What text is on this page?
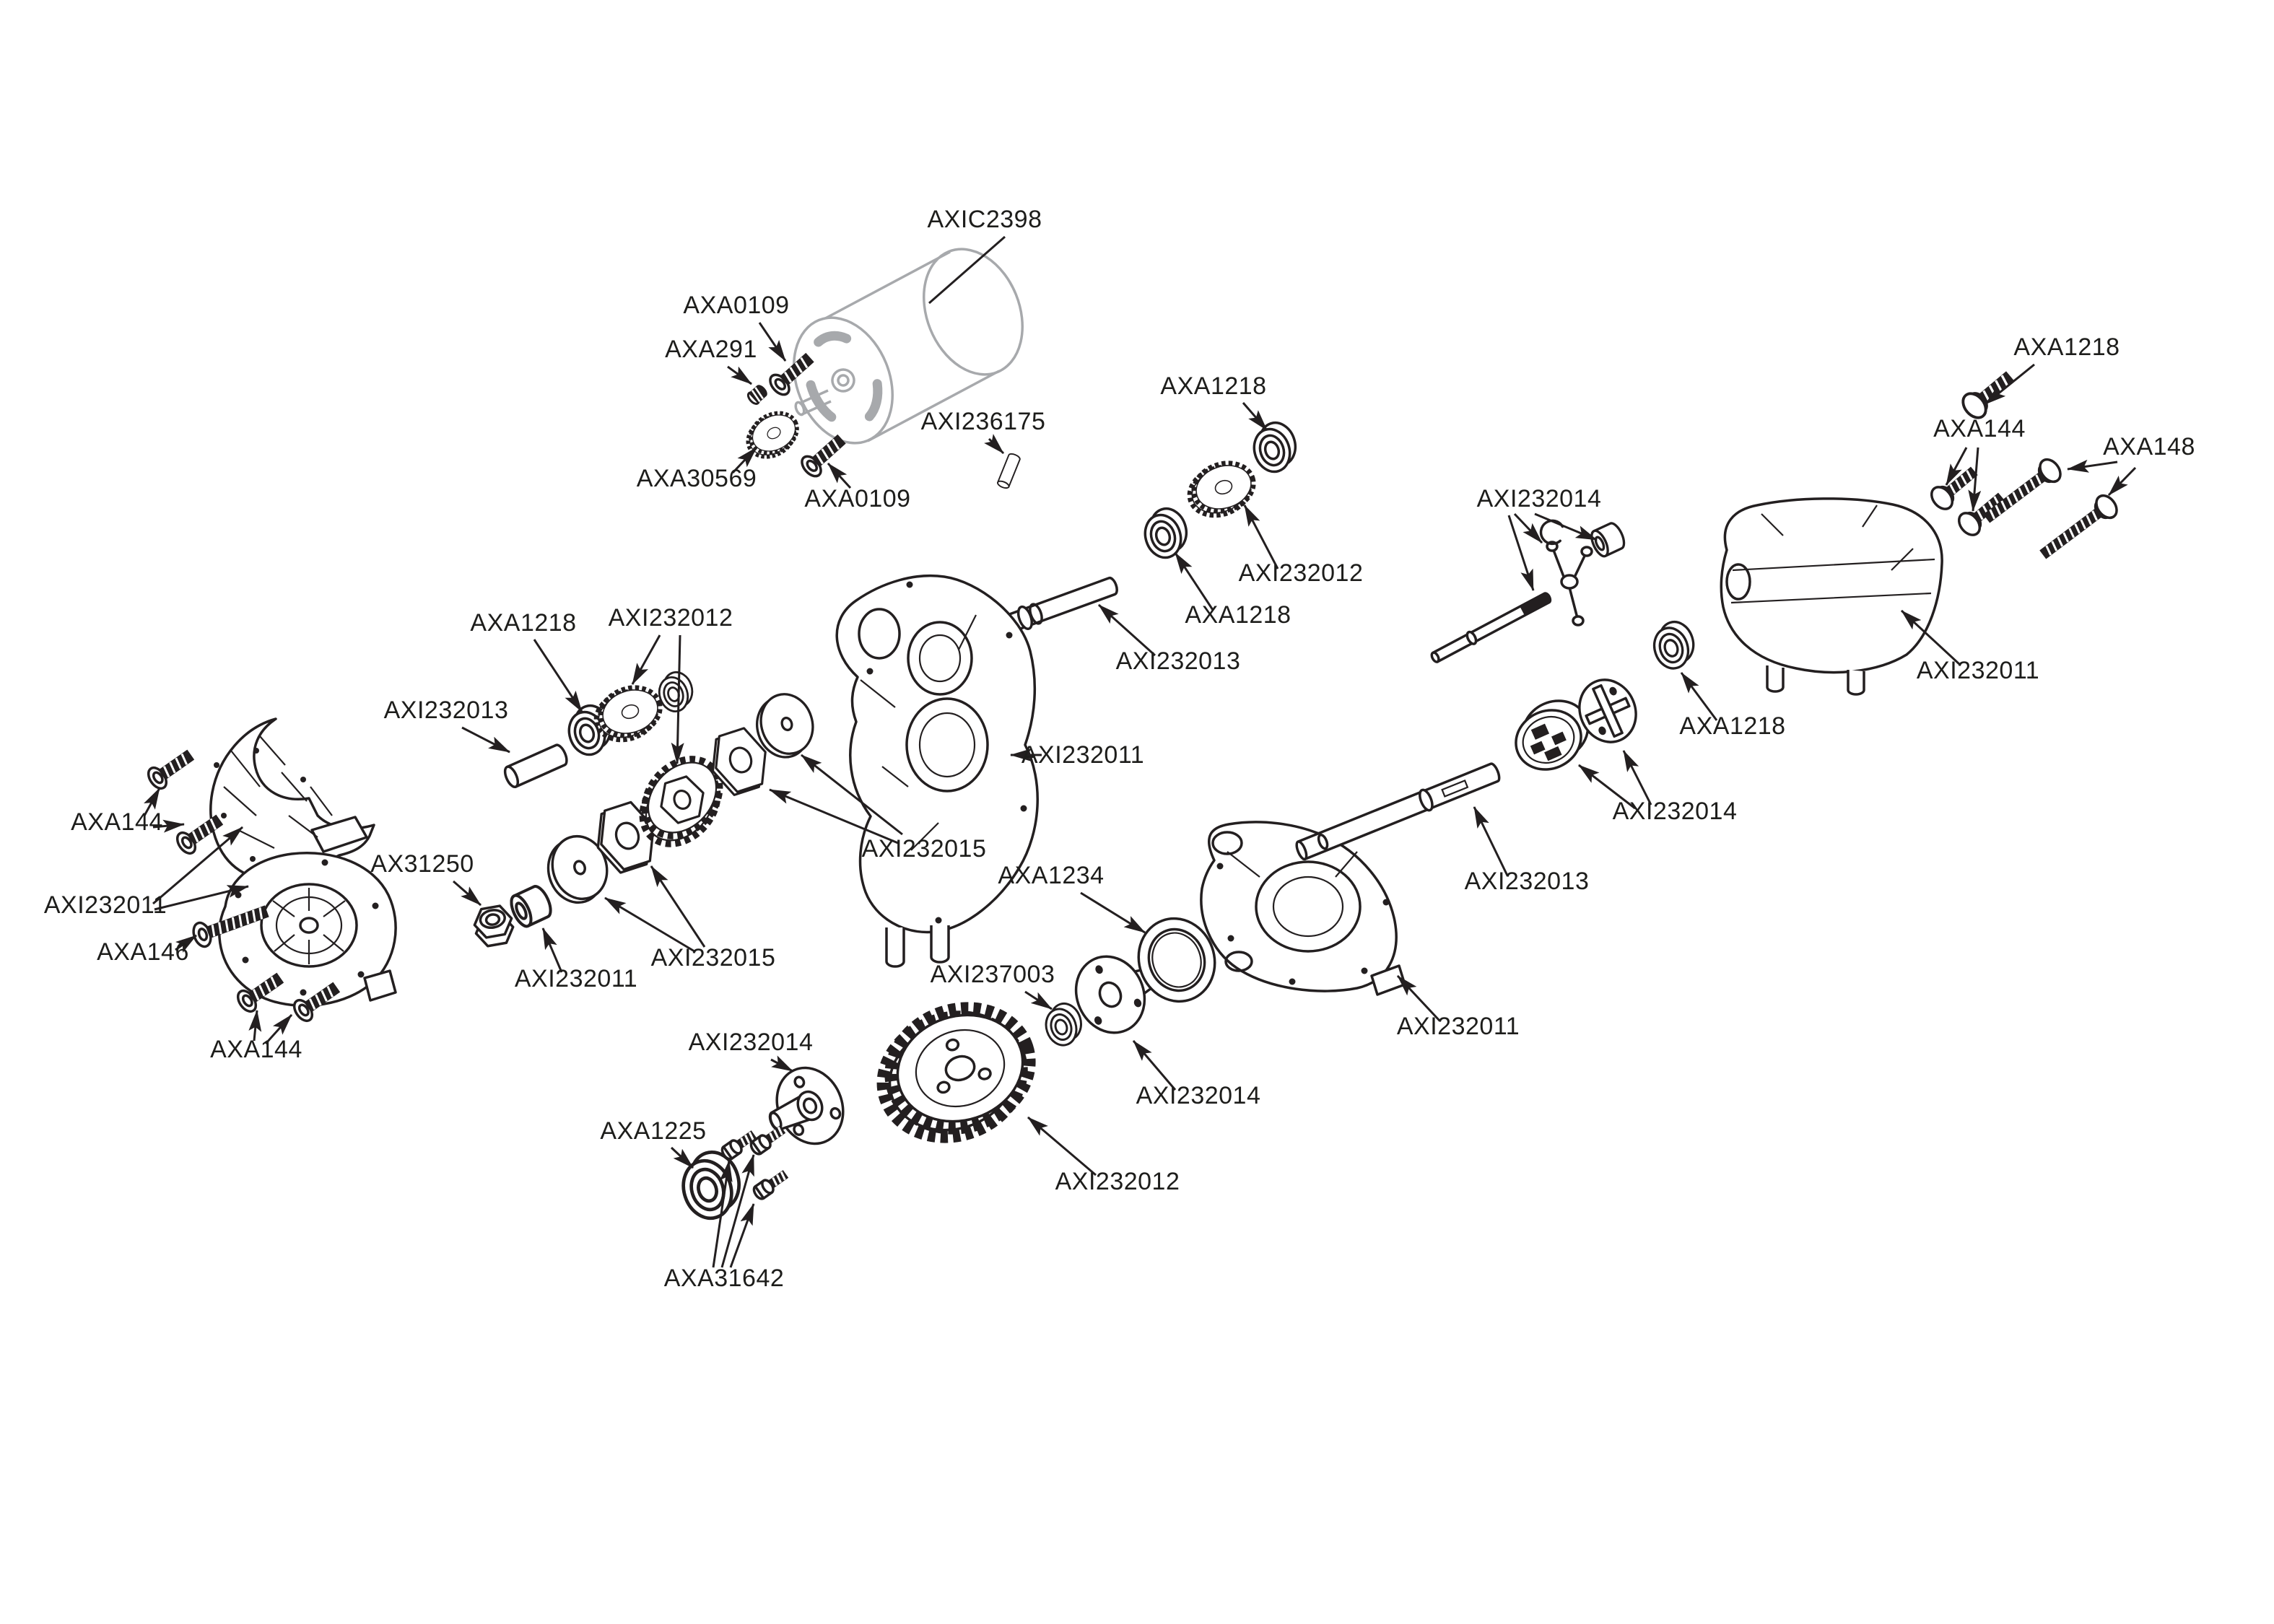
AXIC2398
AXA0109
AXA291
AXA30569
AXA0109
AXI236175
AXA1218
AXI232012
AXA1218
AXI232013
AXI232014
AXA1218
AXA144
AXA148
AXI232011
AXA1218
AXI232014
AXI232013
AXA1234
AXI237003
AXI232014
AXI232011
AXI232012
AXI232014
AXA1225
AXA31642
AXI232015
AXI232015
AXI232011
AX31250
AXA1218 AXI232012
AXA144
AXI232011
AXA146
AXA144
AXI232011
AXI232013
